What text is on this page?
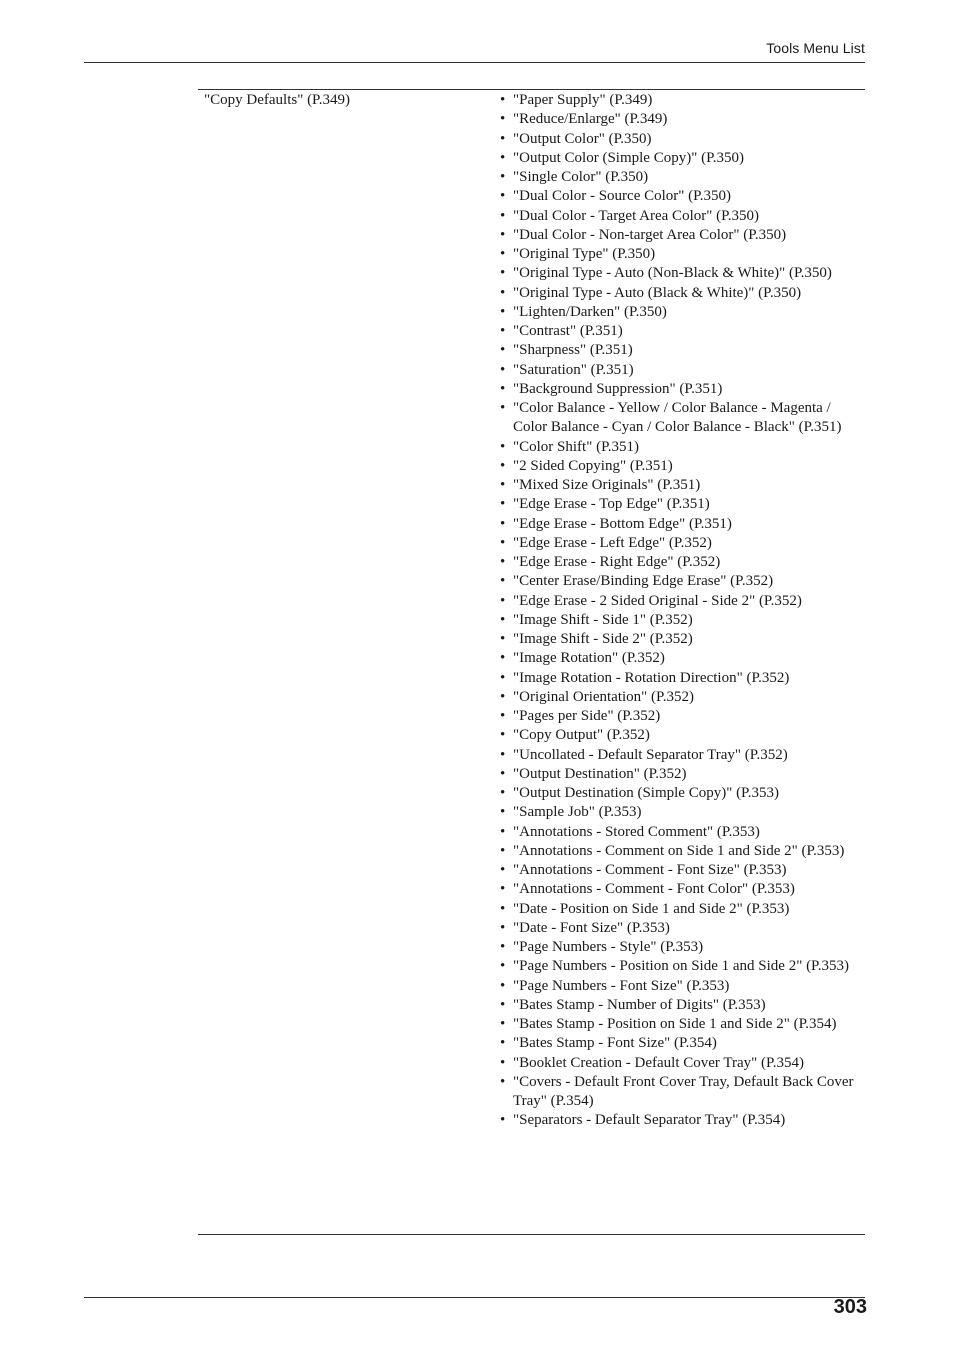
Tools Menu List
"Copy Defaults" (P.349)
•	"Paper Supply" (P.349)
• "Reduce/Enlarge" (P.349)
• "Output Color" (P.350)
• "Output Color (Simple Copy)" (P.350)
• "Single Color" (P.350)
• "Dual Color - Source Color" (P.350)
• "Dual Color - Target Area Color" (P.350)
• "Dual Color - Non-target Area Color" (P.350)
• "Original Type" (P.350)
• "Original Type - Auto (Non-Black & White)" (P.350)
• "Original Type - Auto (Black & White)" (P.350)
• "Lighten/Darken" (P.350)
• "Contrast" (P.351)
• "Sharpness" (P.351)
• "Saturation" (P.351)
• "Background Suppression" (P.351)
• "Color Balance - Yellow / Color Balance - Magenta / Color Balance - Cyan / Color Balance - Black" (P.351)
• "Color Shift" (P.351)
• "2 Sided Copying" (P.351)
• "Mixed Size Originals" (P.351)
• "Edge Erase - Top Edge" (P.351)
• "Edge Erase - Bottom Edge" (P.351)
• "Edge Erase - Left Edge" (P.352)
• "Edge Erase - Right Edge" (P.352)
• "Center Erase/Binding Edge Erase" (P.352)
• "Edge Erase - 2 Sided Original - Side 2" (P.352)
• "Image Shift - Side 1" (P.352)
• "Image Shift - Side 2" (P.352)
• "Image Rotation" (P.352)
• "Image Rotation - Rotation Direction" (P.352)
• "Original Orientation" (P.352)
• "Pages per Side" (P.352)
• "Copy Output" (P.352)
• "Uncollated - Default Separator Tray" (P.352)
• "Output Destination" (P.352)
• "Output Destination (Simple Copy)" (P.353)
• "Sample Job" (P.353)
• "Annotations - Stored Comment" (P.353)
• "Annotations - Comment on Side 1 and Side 2" (P.353)
• "Annotations - Comment - Font Size" (P.353)
• "Annotations - Comment - Font Color" (P.353)
• "Date - Position on Side 1 and Side 2" (P.353)
• "Date - Font Size" (P.353)
• "Page Numbers - Style" (P.353)
• "Page Numbers - Position on Side 1 and Side 2" (P.353)
• "Page Numbers - Font Size" (P.353)
• "Bates Stamp - Number of Digits" (P.353)
• "Bates Stamp - Position on Side 1 and Side 2" (P.354)
• "Bates Stamp - Font Size" (P.354)
• "Booklet Creation - Default Cover Tray" (P.354)
• "Covers - Default Front Cover Tray, Default Back Cover Tray" (P.354)
• "Separators - Default Separator Tray" (P.354)
303
